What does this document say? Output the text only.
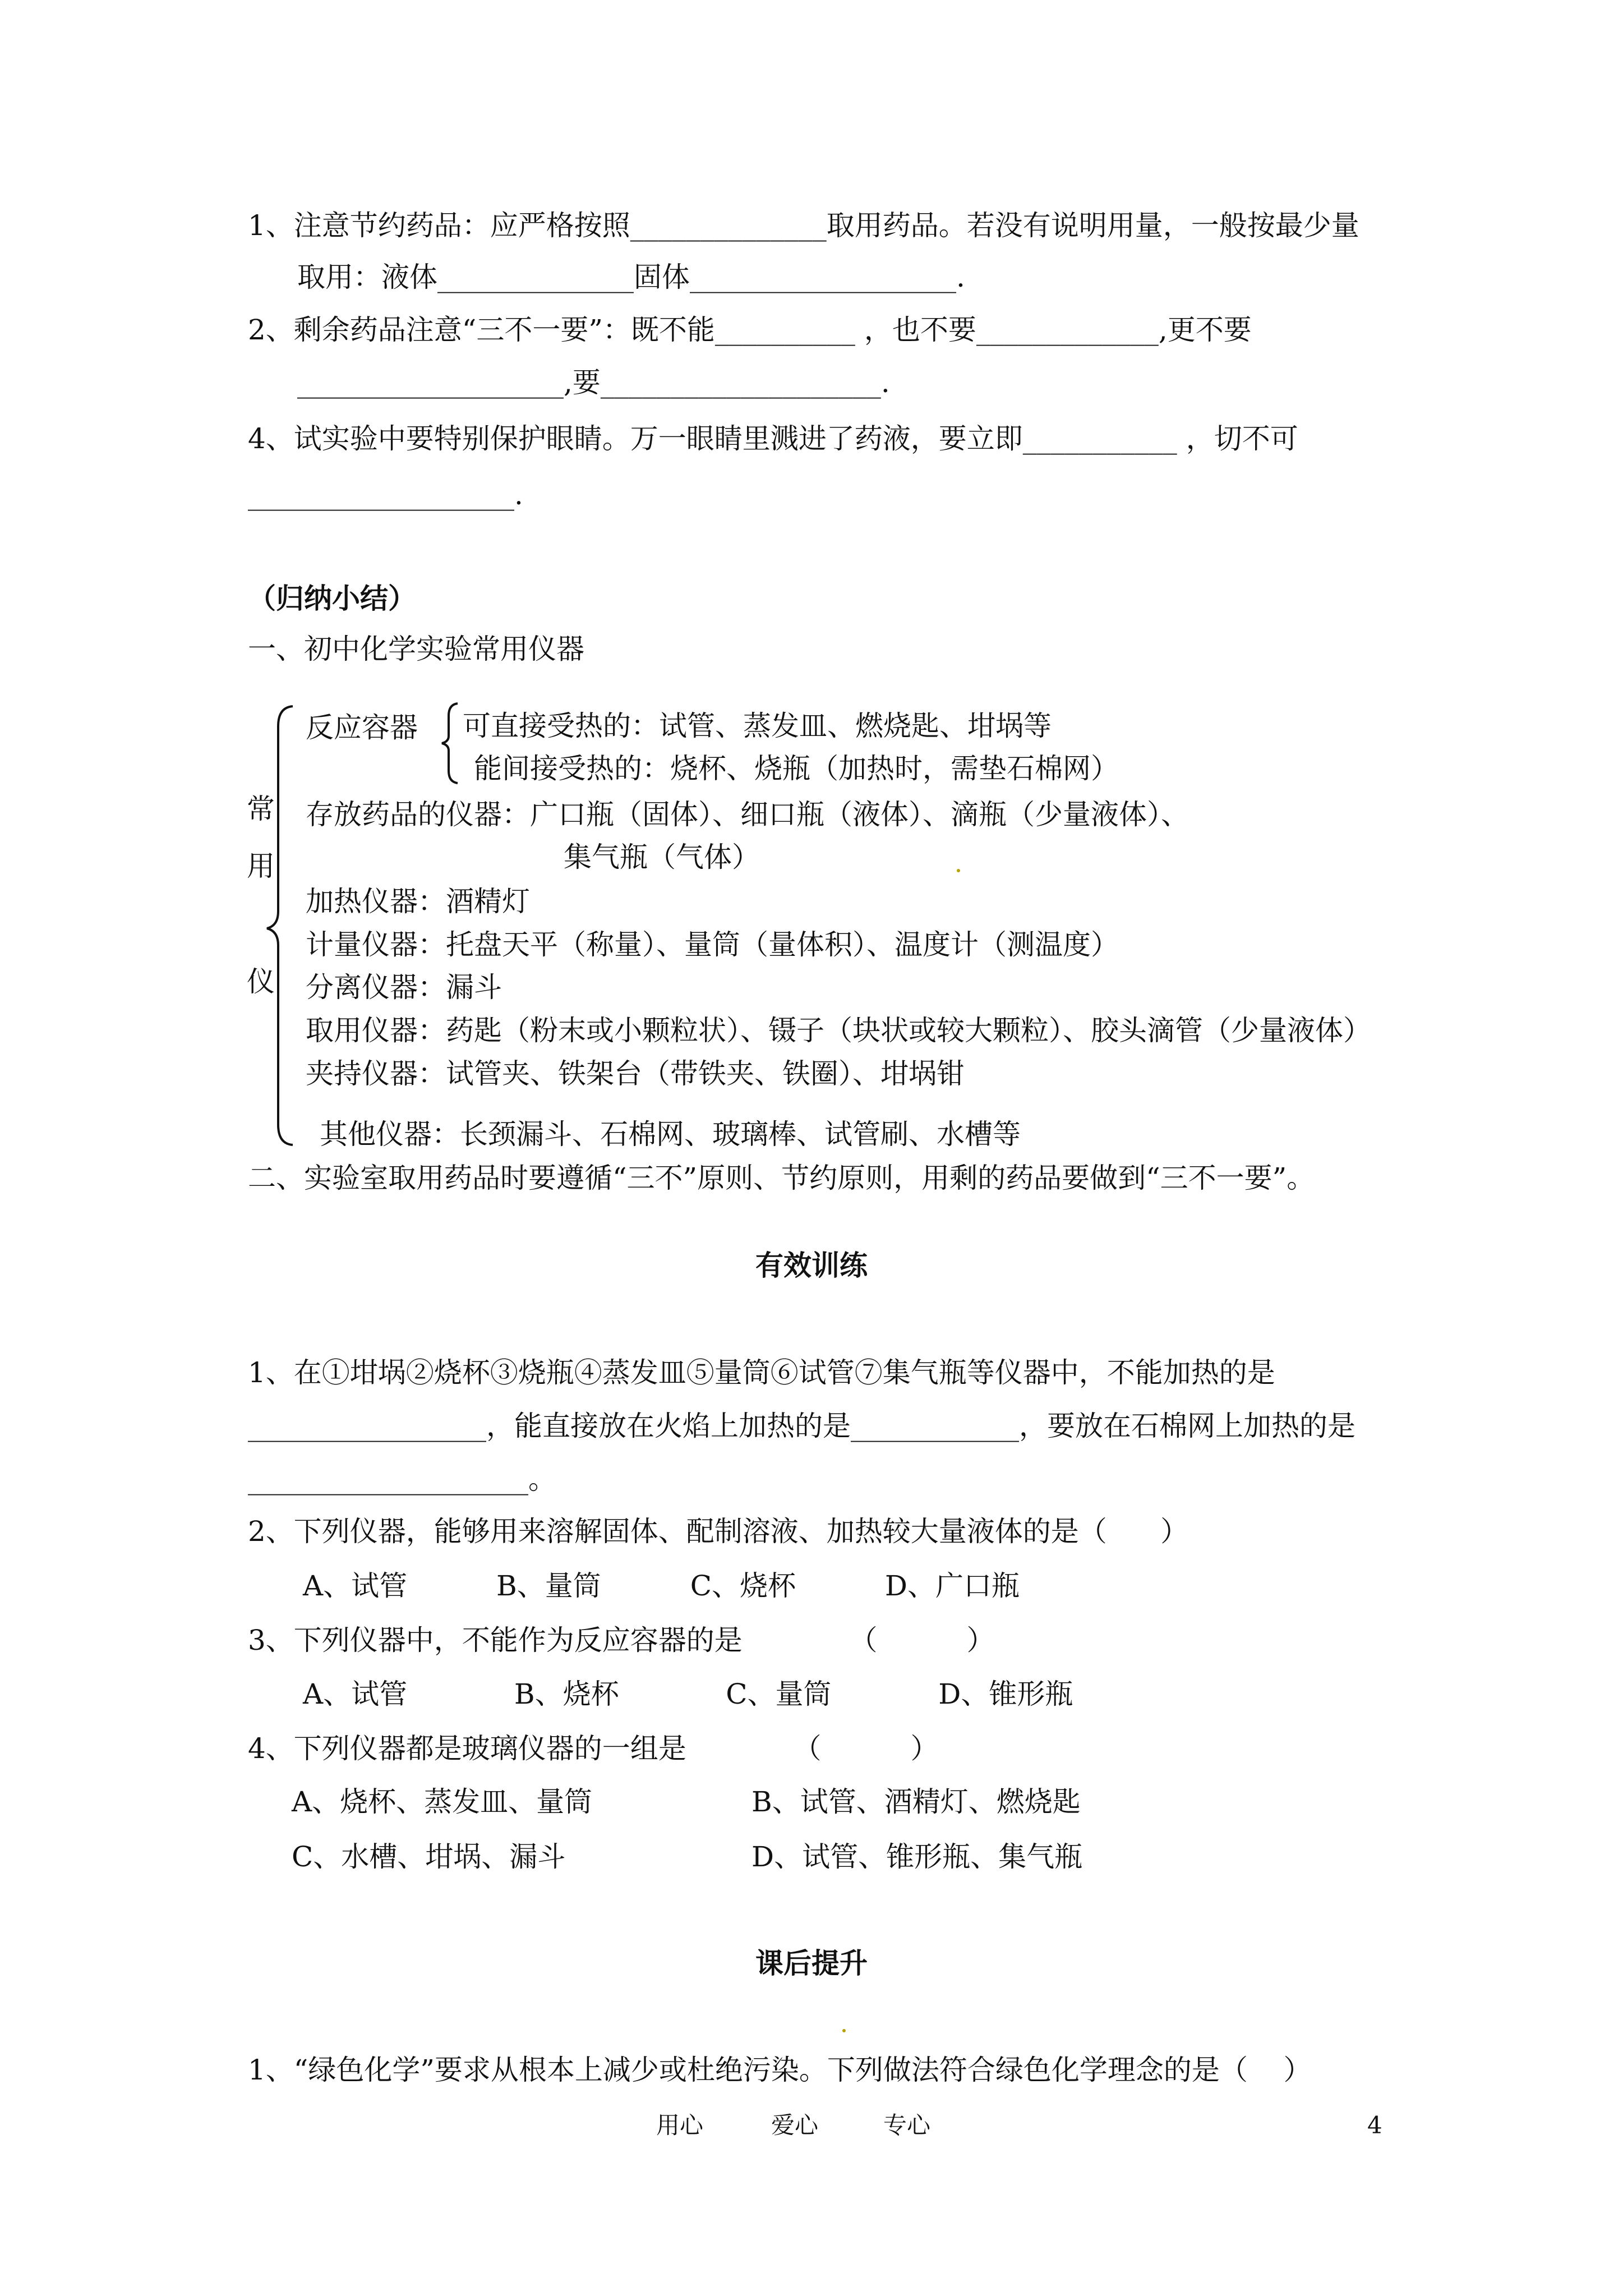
1、注意节约药品：应严格按照______________取用药品。若没有说明用量，一般按最少量
取用：液体______________固体___________________.
2、剩余药品注意“三不一要”：既不能__________ ，也不要_____________,更不要
___________________,要____________________.
4、试实验中要特别保护眼睛。万一眼睛里溅进了药液，要立即___________ ，切不可
___________________.
（归纳小结）
一、初中化学实验常用仪器
常
用
仪
反应容器 可直接受热的：试管、蒸发皿、燃烧匙、坩埚等
能间接受热的：烧杯、烧瓶（加热时，需垫石棉网）
存放药品的仪器：广口瓶（固体）、细口瓶（液体）、滴瓶（少量液体）、
集气瓶（气体）
加热仪器：酒精灯
计量仪器：托盘天平（称量）、量筒（量体积）、温度计（测温度）
分离仪器：漏斗
取用仪器：药匙（粉末或小颗粒状）、镊子（块状或较大颗粒）、胶头滴管（少量液体）
夹持仪器：试管夹、铁架台（带铁夹、铁圈）、坩埚钳
其他仪器：长颈漏斗、石棉网、玻璃棒、试管刷、水槽等
二、实验室取用药品时要遵循“三不”原则、节约原则，用剩的药品要做到“三不一要”。
有效训练
1、在①坩埚②烧杯③烧瓶④蒸发皿⑤量筒⑥试管⑦集气瓶等仪器中，不能加热的是
_________________，能直接放在火焰上加热的是____________，要放在石棉网上加热的是
____________________。
2、下列仪器，能够用来溶解固体、配制溶液、加热较大量液体的是（      ）
A、试管          B、量筒          C、烧杯          D、广口瓶
3、下列仪器中，不能作为反应容器的是            （          ）
A、试管            B、烧杯            C、量筒            D、锥形瓶
4、下列仪器都是玻璃仪器的一组是            （          ）
A、烧杯、蒸发皿、量筒	B、试管、酒精灯、燃烧匙
C、水槽、坩埚、漏斗	D、试管、锥形瓶、集气瓶
课后提升
1、“绿色化学”要求从根本上减少或杜绝污染。下列做法符合绿色化学理念的是（    ）
用心	爱心	专心	4
